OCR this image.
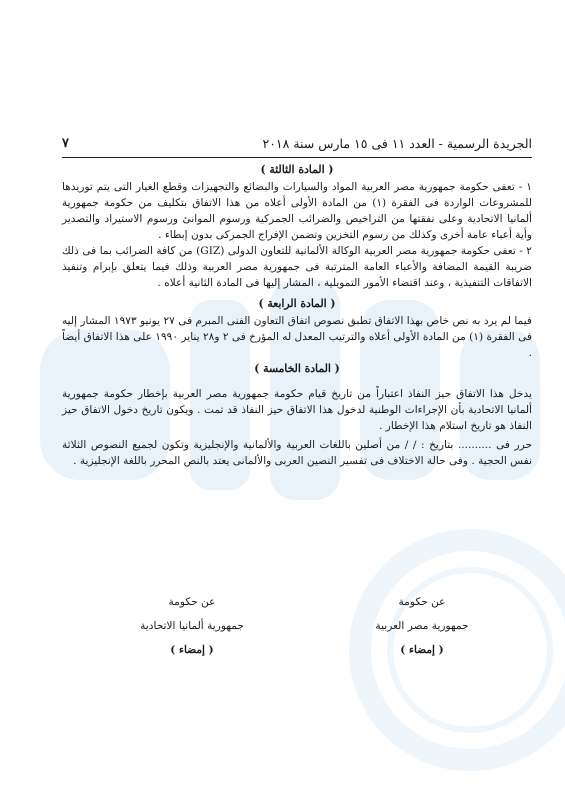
الجريدة الرسمية - العدد ١١ فى ١٥ مارس سنة ٢٠١٨
٧

( المادة الثالثة )

١ - تعفى حكومة جمهورية مصر العربية المواد والسيارات والبضائع والتجهيزات وقطع الغيار التى يتم توريدها للمشروعات الواردة فى الفقرة (١) من المادة الأولى أعلاه من هذا الاتفاق بتكليف من حكومة جمهورية ألمانيا الاتحادية وعلى نفقتها من التراخيص والضرائب الجمركية ورسوم الموانئ ورسوم الاستيراد والتصدير وأية أعباء عامة أخرى وكذلك من رسوم التخزين وتضمن الإفراج الجمركى بدون إبطاء .

٢ - تعفى حكومة جمهورية مصر العربية الوكالة الألمانية للتعاون الدولى (GIZ) من كافة الضرائب بما فى ذلك ضريبة القيمة المضافة والأعباء العامة المترتبة فى جمهورية مصر العربية وذلك فيما يتعلق بإبرام وتنفيذ الاتفاقات التنفيذية ، وعند اقتضاء الأمور التمويلية ، المشار إليها فى المادة الثانية أعلاه .

( المادة الرابعة )

فيما لم يرد به نص خاص بهذا الاتفاق تطبق نصوص اتفاق التعاون الفنى المبرم فى ٢٧ يونيو ١٩٧٣ المشار إليه فى الفقرة (١) من المادة الأولى أعلاه والترتيب المعدل له المؤرخ فى ٢ و٢٨ يناير ١٩٩٠ على هذا الاتفاق أيضاً .

( المادة الخامسة )

يدخل هذا الاتفاق حيز النفاذ اعتباراً من تاريخ قيام حكومة جمهورية مصر العربية بإخطار حكومة جمهورية ألمانيا الاتحادية بأن الإجراءات الوطنية لدخول هذا الاتفاق حيز النفاذ قد تمت . ويكون تاريخ دخول الاتفاق حيز النفاذ هو تاريخ استلام هذا الإخطار .

حرر فى .......... بتاريخ : / / من أصلين باللغات العربية والألمانية والإنجليزية وتكون لجميع النصوص الثلاثة نفس الحجية . وفى حالة الاختلاف فى تفسير النصين العربى والألمانى يعتد بالنص المحرر باللغة الإنجليزية .

عن حكومة
جمهورية مصر العربية
( إمضاء )
عن حكومة
جمهورية ألمانيا الاتحادية
( إمضاء )
